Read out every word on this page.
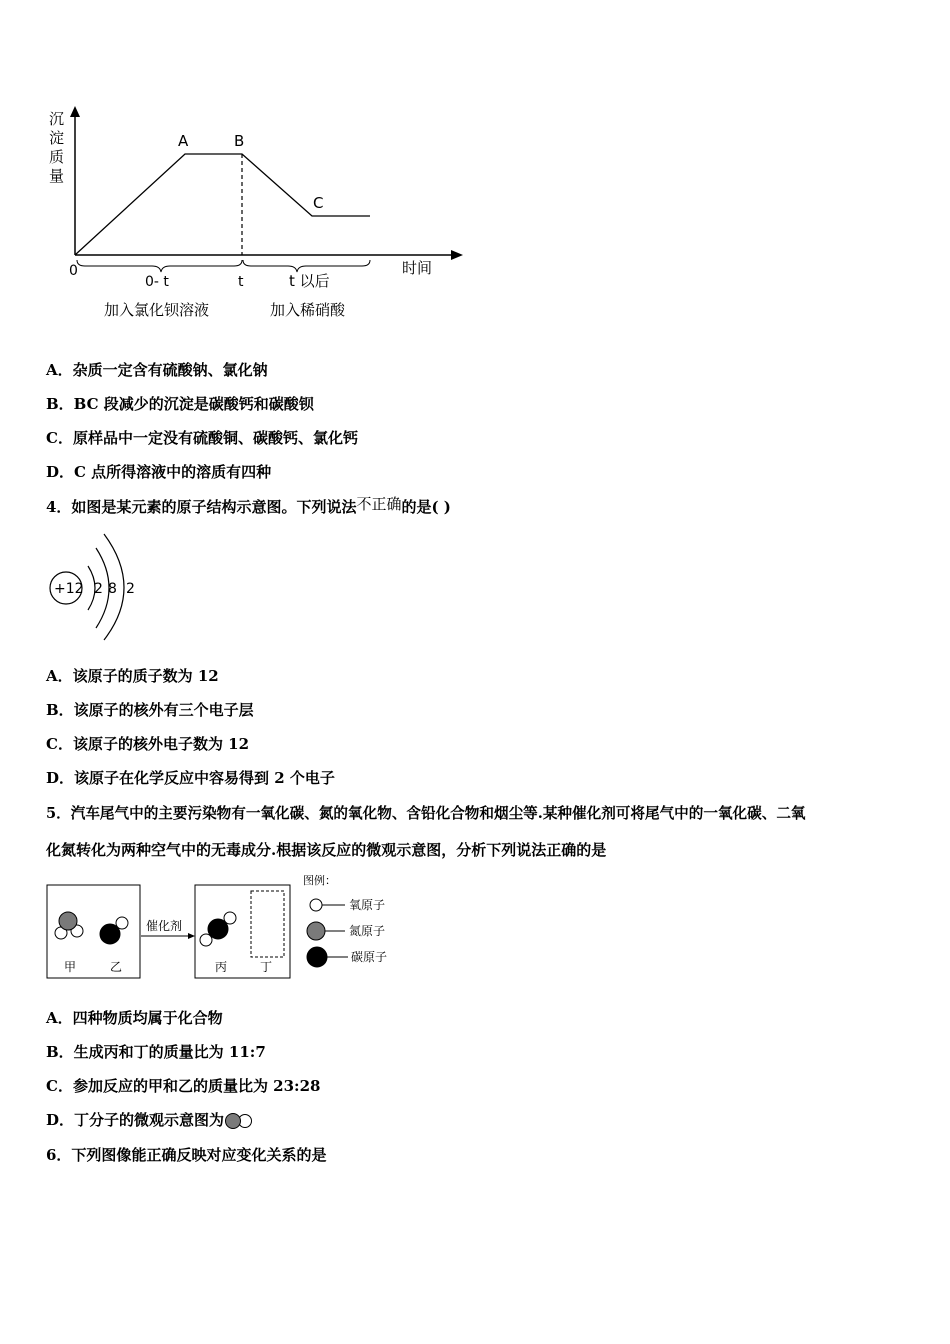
沉
淀
质
量
A	B
C
0	时间
0- t	t	t 以后
加入氯化钡溶液	加入稀硝酸
A．杂质一定含有硫酸钠、氯化钠
B．BC 段减少的沉淀是碳酸钙和碳酸钡
C．原样品中一定没有硫酸铜、碳酸钙、氯化钙
D．C 点所得溶液中的溶质有四种
4．如图是某元素的原子结构示意图。下列说法不正确的是( )
+12 2 8 2
A．该原子的质子数为 12
B．该原子的核外有三个电子层
C．该原子的核外电子数为 12
D．该原子在化学反应中容易得到 2 个电子
5．汽车尾气中的主要污染物有一氧化碳、氮的氧化物、含铅化合物和烟尘等.某种催化剂可将尾气中的一氧化碳、二氧
化氮转化为两种空气中的无毒成分.根据该反应的微观示意图，分析下列说法正确的是
甲	乙
催化剂
丙	丁
图例：
氧原子
氮原子
碳原子
A．四种物质均属于化合物
B．生成丙和丁的质量比为 11:7
C．参加反应的甲和乙的质量比为 23:28
D．丁分子的微观示意图为
6．下列图像能正确反映对应变化关系的是
